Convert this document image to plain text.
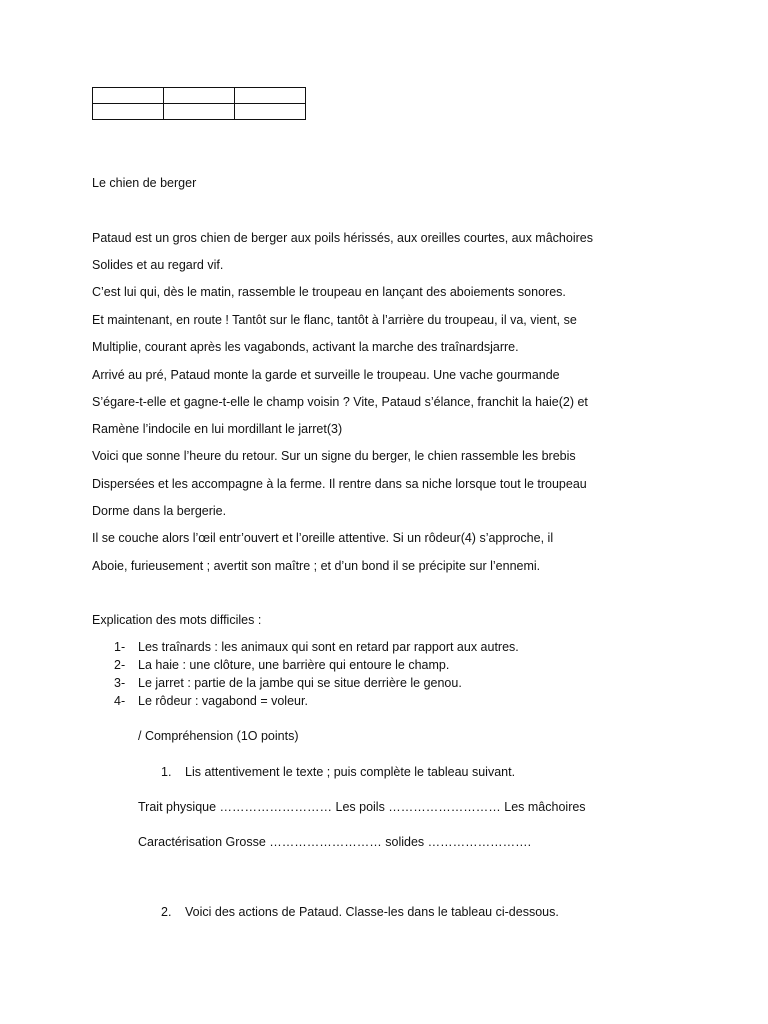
Le chien de berger
Pataud est un gros chien de berger aux poils hérissés, aux oreilles courtes, aux mâchoires
Solides et au regard vif.
C’est lui qui, dès le matin, rassemble le troupeau en lançant des aboiements sonores.
Et maintenant, en route ! Tantôt sur le flanc, tantôt à l’arrière du troupeau, il va, vient, se
Multiplie, courant après les vagabonds, activant la marche des traînardsjarre.
Arrivé au pré, Pataud monte la garde et surveille le troupeau. Une vache gourmande
S’égare-t-elle et gagne-t-elle le champ voisin ? Vite, Pataud s’élance, franchit la haie(2) et
Ramène l’indocile en lui mordillant le jarret(3)
Voici que sonne l’heure du retour. Sur un signe du berger, le chien rassemble les brebis
Dispersées et les accompagne à la ferme. Il rentre dans sa niche lorsque tout le troupeau
Dorme dans la bergerie.
Il se couche alors l’œil entr’ouvert et l’oreille attentive. Si un rôdeur(4) s’approche, il
Aboie, furieusement ; avertit son maître ; et d’un bond il se précipite sur l’ennemi.
Explication des mots difficiles :
1- Les traînards : les animaux qui sont en retard par rapport aux autres.
2- La haie : une clôture, une barrière qui entoure le champ.
3- Le jarret : partie de la jambe qui se situe derrière le genou.
4- Le rôdeur : vagabond = voleur.
/ Compréhension (1O points)
1. Lis attentivement le texte ; puis complète le tableau suivant.
Trait physique ……………………… Les poils ……………………… Les mâchoires
Caractérisation Grosse ……………………… solides …………………….
2. Voici des actions de Pataud. Classe-les dans le tableau ci-dessous.
